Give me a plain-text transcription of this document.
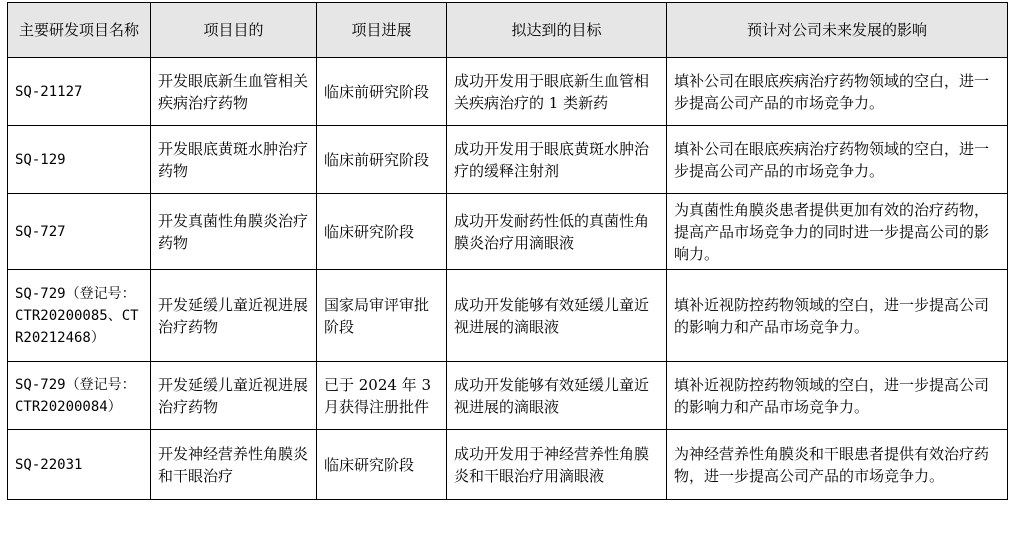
主要研发项目名称	项目目的	项目进展	拟达到的目标	预计对公司未来发展的影响
SQ-21127	开发眼底新生血管相关疾病治疗药物	临床前研究阶段	成功开发用于眼底新生血管相关疾病治疗的 1 类新药	填补公司在眼底疾病治疗药物领域的空白，进一步提高公司产品的市场竞争力。
SQ-129	开发眼底黄斑水肿治疗药物	临床前研究阶段	成功开发用于眼底黄斑水肿治疗的缓释注射剂	填补公司在眼底疾病治疗药物领域的空白，进一步提高公司产品的市场竞争力。
SQ-727	开发真菌性角膜炎治疗药物	临床研究阶段	成功开发耐药性低的真菌性角膜炎治疗用滴眼液	为真菌性角膜炎患者提供更加有效的治疗药物，提高产品市场竞争力的同时进一步提高公司的影响力。
SQ-729（登记号：CTR20200085、CTR20212468）	开发延缓儿童近视进展治疗药物	国家局审评审批阶段	成功开发能够有效延缓儿童近视进展的滴眼液	填补近视防控药物领域的空白，进一步提高公司的影响力和产品市场竞争力。
SQ-729（登记号：CTR20200084）	开发延缓儿童近视进展治疗药物	已于 2024 年 3 月获得注册批件	成功开发能够有效延缓儿童近视进展的滴眼液	填补近视防控药物领域的空白，进一步提高公司的影响力和产品市场竞争力。
SQ-22031	开发神经营养性角膜炎和干眼治疗	临床研究阶段	成功开发用于神经营养性角膜炎和干眼治疗用滴眼液	为神经营养性角膜炎和干眼患者提供有效治疗药物，进一步提高公司产品的市场竞争力。
